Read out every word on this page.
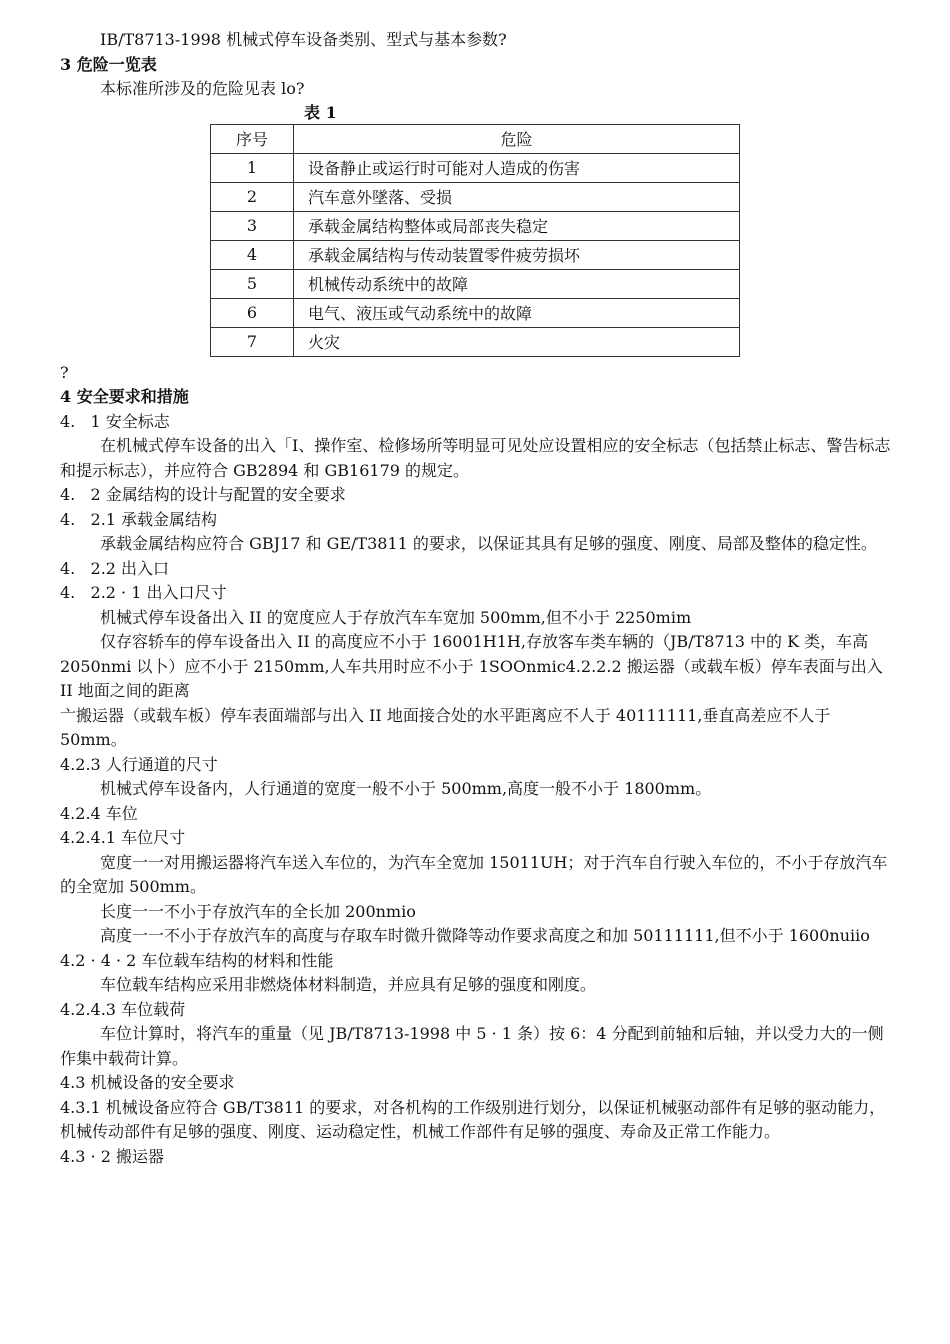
IB/T8713-1998 机械式停车设备类别、型式与基本参数?
3 危险一览表
本标准所涉及的危险见表 lo?
表 1
序号	危险
1	设备静止或运行时可能对人造成的伤害
2	汽车意外墜落、受损
3	承载金属结构整体或局部丧失稳定
4	承载金属结构与传动装置零件疲劳损坏
5	机械传动系统中的故障
6	电气、液压或气动系统中的故障
7	火灾
?
4 安全要求和措施
4.   1 安全标志
在机械式停车设备的出入「I、操作室、检修场所等明显可见处应设置相应的安全标志（包括禁止标志、警告标志和提示标志），并应符合 GB2894 和 GB16179 的规定。
4.   2 金属结构的设计与配置的安全要求
4.   2.1 承载金属结构
承载金属结构应符合 GBJ17 和 GE/T3811 的要求，以保证其具有足够的强度、刚度、局部及整体的稳定性。
4.   2.2 出入口
4.   2.2 · 1 出入口尺寸
机械式停车设备出入 II 的宽度应人于存放汽车车宽加 500mm,但不小于 2250mim
仅存容轿车的停车设备出入 II 的高度应不小于 16001H1H,存放客车类车辆的（JB/T8713 中的 K 类，车高 2050nmi 以卜）应不小于 2150mm,人车共用时应不小于 1SOOnmic4.2.2.2 搬运器（或载车板）停车表面与出入 II 地面之间的距离
亠搬运器（或载车板）停车表面端部与出入 II 地面接合处的水平距离应不人于 40111111,垂直高差应不人于 50mm。
4.2.3 人行通道的尺寸
机械式停车设备内，人行通道的宽度一般不小于 500mm,高度一般不小于 1800mm。
4.2.4 车位
4.2.4.1 车位尺寸
宽度一一对用搬运器将汽车送入车位的，为汽车全宽加 15011UH；对于汽车自行驶入车位的，不小于存放汽车的全宽加 500mm。
长度一一不小于存放汽车的全长加 200nmio
高度一一不小于存放汽车的高度与存取车时微升微降等动作要求高度之和加 50111111,但不小于 1600nuiio
4.2 · 4 · 2 车位载车结构的材料和性能
车位载车结构应采用非燃烧体材料制造，并应具有足够的强度和刚度。
4.2.4.3 车位载荷
车位计算时，将汽车的重量（见 JB/T8713-1998 中 5 · 1 条）按 6：4 分配到前轴和后轴，并以受力大的一侧作集中载荷计算。
4.3 机械设备的安全要求
4.3.1 机械设备应符合 GB/T3811 的要求，对各机构的工作级别进行划分，以保证机械驱动部件有足够的驱动能力，机械传动部件有足够的强度、刚度、运动稳定性，机械工作部件有足够的强度、寿命及正常工作能力。
4.3 · 2 搬运器
